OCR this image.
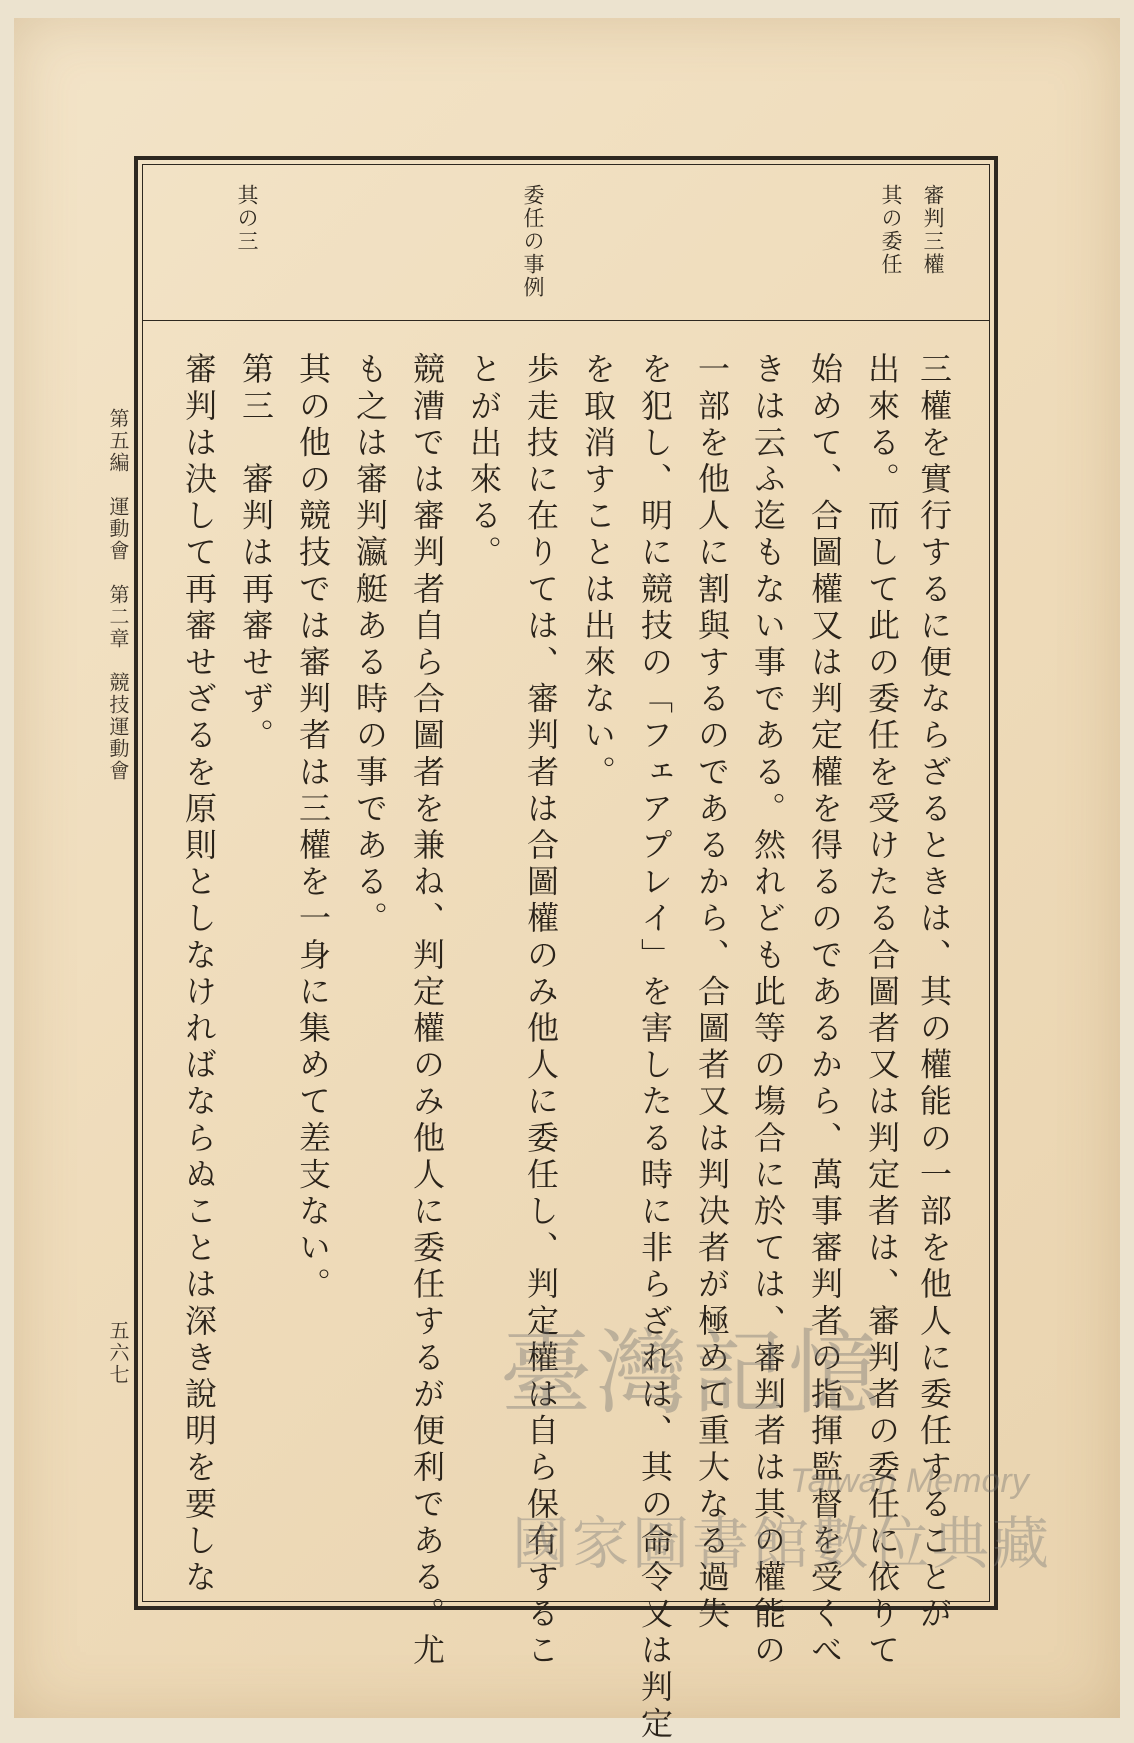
審判三權
其の委任
委任の事例
其の三
三權を實行するに便ならざるときは、其の權能の一部を他人に委任することが
出來る。而して此の委任を受けたる合圖者又は判定者は、審判者の委任に依りて
始めて、合圖權又は判定權を得るのであるから、萬事審判者の指揮監督を受くべ
きは云ふ迄もない事である。然れども此等の塲合に於ては、審判者は其の權能の
一部を他人に割與するのであるから、合圖者又は判决者が極めて重大なる過失
を犯し、明に競技の「フェアプレイ」を害したる時に非らざれは、其の命令又は判定
を取消すことは出來ない。
歩走技に在りては、審判者は合圖權のみ他人に委任し、判定權は自ら保有するこ
とが出來る。
競漕では審判者自ら合圖者を兼ね、判定權のみ他人に委任するが便利である。尤
も之は審判瀛艇ある時の事である。
其の他の競技では審判者は三權を一身に集めて差支ない。
第三　審判は再審せず。
審判は決して再審せざるを原則としなければならぬことは深き說明を要しな
第五編　運動會　第二章　競技運動會
五六七	臺灣記憶
Taiwan Memory
國家圖書館數位典藏
